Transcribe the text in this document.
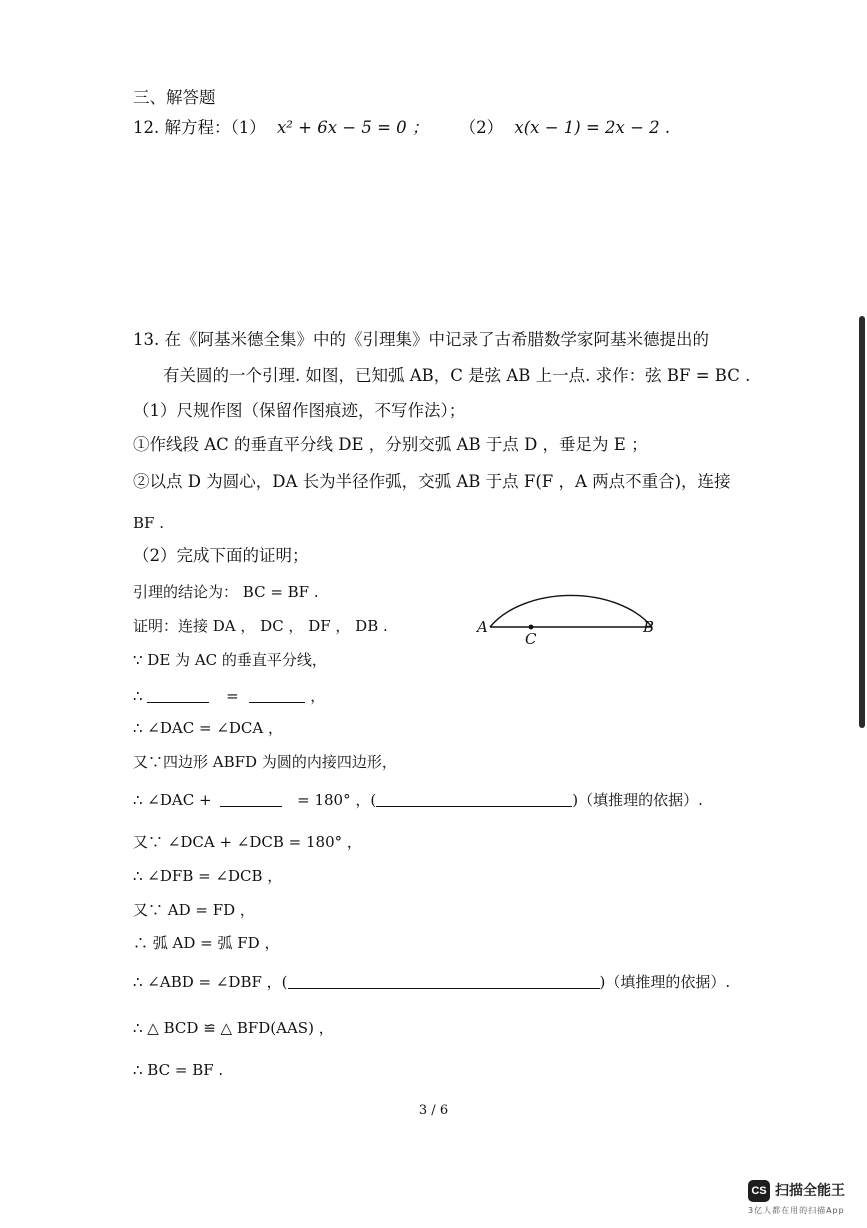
三、解答题
12. 解方程：（1） x² + 6x − 5 = 0 ； （2） x(x − 1) = 2x − 2 .
13. 在《阿基米德全集》中的《引理集》中记录了古希腊数学家阿基米德提出的
有关圆的一个引理. 如图，已知弧 AB，C 是弦 AB 上一点. 求作：弦 BF = BC .
（1）尺规作图（保留作图痕迹，不写作法）；
①作线段 AC 的垂直平分线 DE ，分别交弧 AB 于点 D ，垂足为 E ；
②以点 D 为圆心，DA 长为半径作弧，交弧 AB 于点 F(F ，A 两点不重合)，连接
BF .
（2）完成下面的证明；
引理的结论为： BC = BF .
证明：连接 DA ， DC ， DF ， DB .
∵ DE 为 AC 的垂直平分线，
∴	=	，
∴ ∠DAC = ∠DCA ，
又∵四边形 ABFD 为圆的内接四边形，
∴ ∠DAC +	= 180° ，(	)（填推理的依据）.
又∵ ∠DCA + ∠DCB = 180° ，
∴ ∠DFB = ∠DCB ，
又∵ AD = FD ，
∴ 弧 AD = 弧 FD ，
∴ ∠ABD = ∠DBF ，(	)（填推理的依据）.
∴ △ BCD ≌ △ BFD(AAS) ，
∴ BC = BF .
A	B
C
3 / 6
CS 扫描全能王
3亿人都在用的扫描App
